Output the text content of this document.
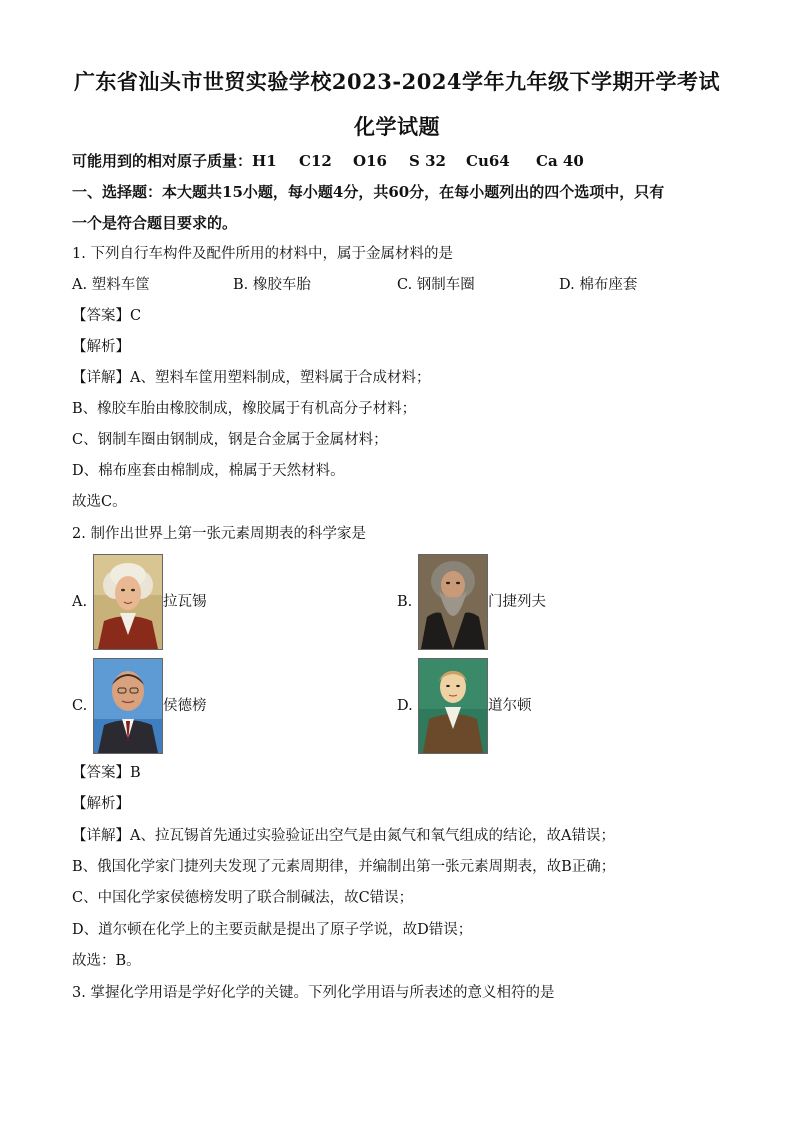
广东省汕头市世贸实验学校2023-2024学年九年级下学期开学考试
化学试题
可能用到的相对原子质量：H1 C12 O16 S 32 Cu64 Ca 40
一、选择题：本大题共15小题，每小题4分，共60分，在每小题列出的四个选项中，只有
一个是符合题目要求的。
1. 下列自行车构件及配件所用的材料中，属于金属材料的是
A. 塑料车筐	B. 橡胶车胎	C. 钢制车圈	D. 棉布座套
【答案】C
【解析】
【详解】A、塑料车筐用塑料制成，塑料属于合成材料；
B、橡胶车胎由橡胶制成，橡胶属于有机高分子材料；
C、钢制车圈由钢制成，钢是合金属于金属材料；
D、棉布座套由棉制成，棉属于天然材料。
故选C。
2. 制作出世界上第一张元素周期表的科学家是
A.	拉瓦锡	B.	门捷列夫
C.	侯德榜	D.	道尔顿
【答案】B
【解析】
【详解】A、拉瓦锡首先通过实验验证出空气是由氮气和氧气组成的结论，故A错误；
B、俄国化学家门捷列夫发现了元素周期律，并编制出第一张元素周期表，故B正确；
C、中国化学家侯德榜发明了联合制碱法，故C错误；
D、道尔顿在化学上的主要贡献是提出了原子学说，故D错误；
故选：B。
3. 掌握化学用语是学好化学的关键。下列化学用语与所表述的意义相符的是
